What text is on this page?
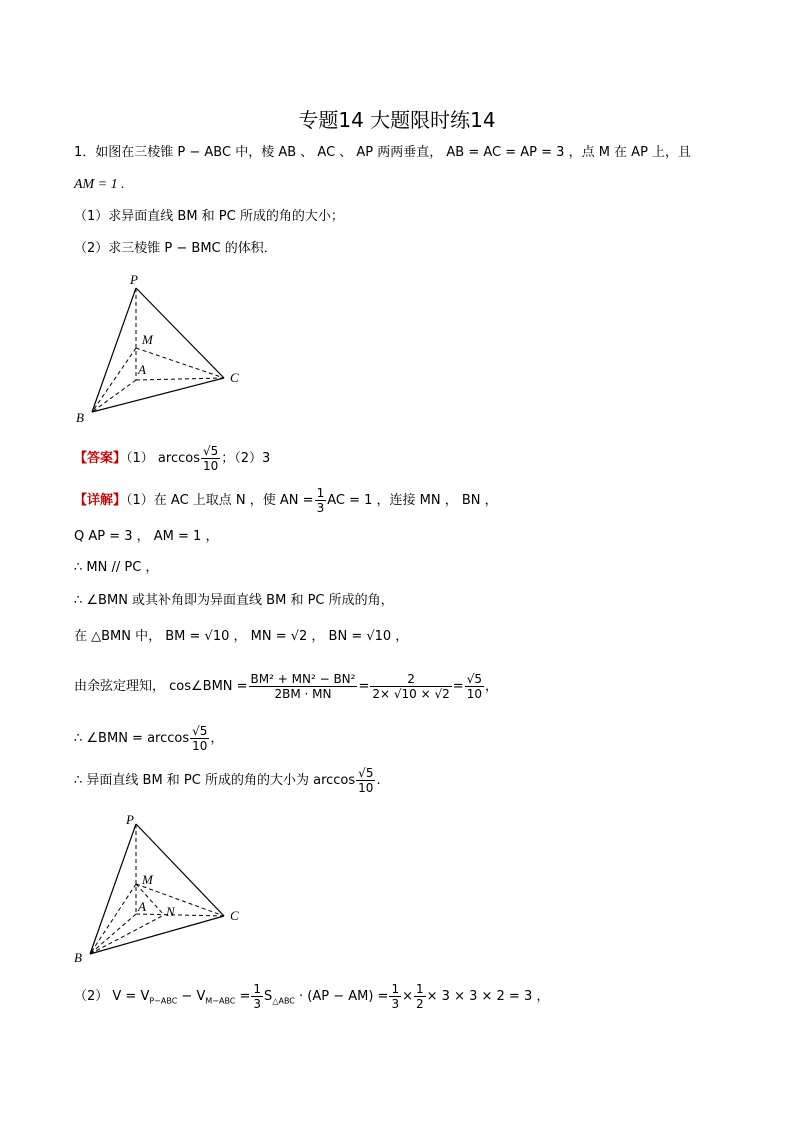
专题14 大题限时练14
1．如图在三棱锥 P − ABC 中，棱 AB 、 AC 、 AP 两两垂直， AB = AC = AP = 3 ，点 M 在 AP 上，且
AM = 1 .
（1）求异面直线 BM 和 PC 所成的角的大小；
（2）求三棱锥 P − BMC 的体积．
P
M
A
C
B
【答案】（1） $\arccos \frac{√5}{10}$ ；（2）3
【详解】（1）在 AC 上取点 N ，使 AN = $\frac{1}{3}$ AC = 1 ，连接 MN ， BN ，
Q AP = 3 ， AM = 1 ，
∴ MN // PC ，
∴ ∠BMN 或其补角即为异面直线 BM 和 PC 所成的角，
在 △BMN 中， BM = √10 ， MN = √2 ， BN = √10 ，
由余弦定理知， cos∠BMN = $\frac{\text{BM² + MN² − BN²}}{2BM \cdot MN} = \frac{2}{2\times √10 \times √2} = \frac{√5}{10}$ ，
∴ ∠BMN = $\arccos \frac{√5}{10}$ ，
∴ 异面直线 BM 和 PC 所成的角的大小为 $\arccos \frac{√5}{10}$ .
P
M
A N	C
B
（2） $V = V_{P-ABC} - V_{M-ABC} = \frac{1}{3} S_{\triangle ABC} \cdot (AP - AM) = \frac{1}{3} \times \frac{1}{2} \times 3 \times 3 \times 2 = 3$ ，
